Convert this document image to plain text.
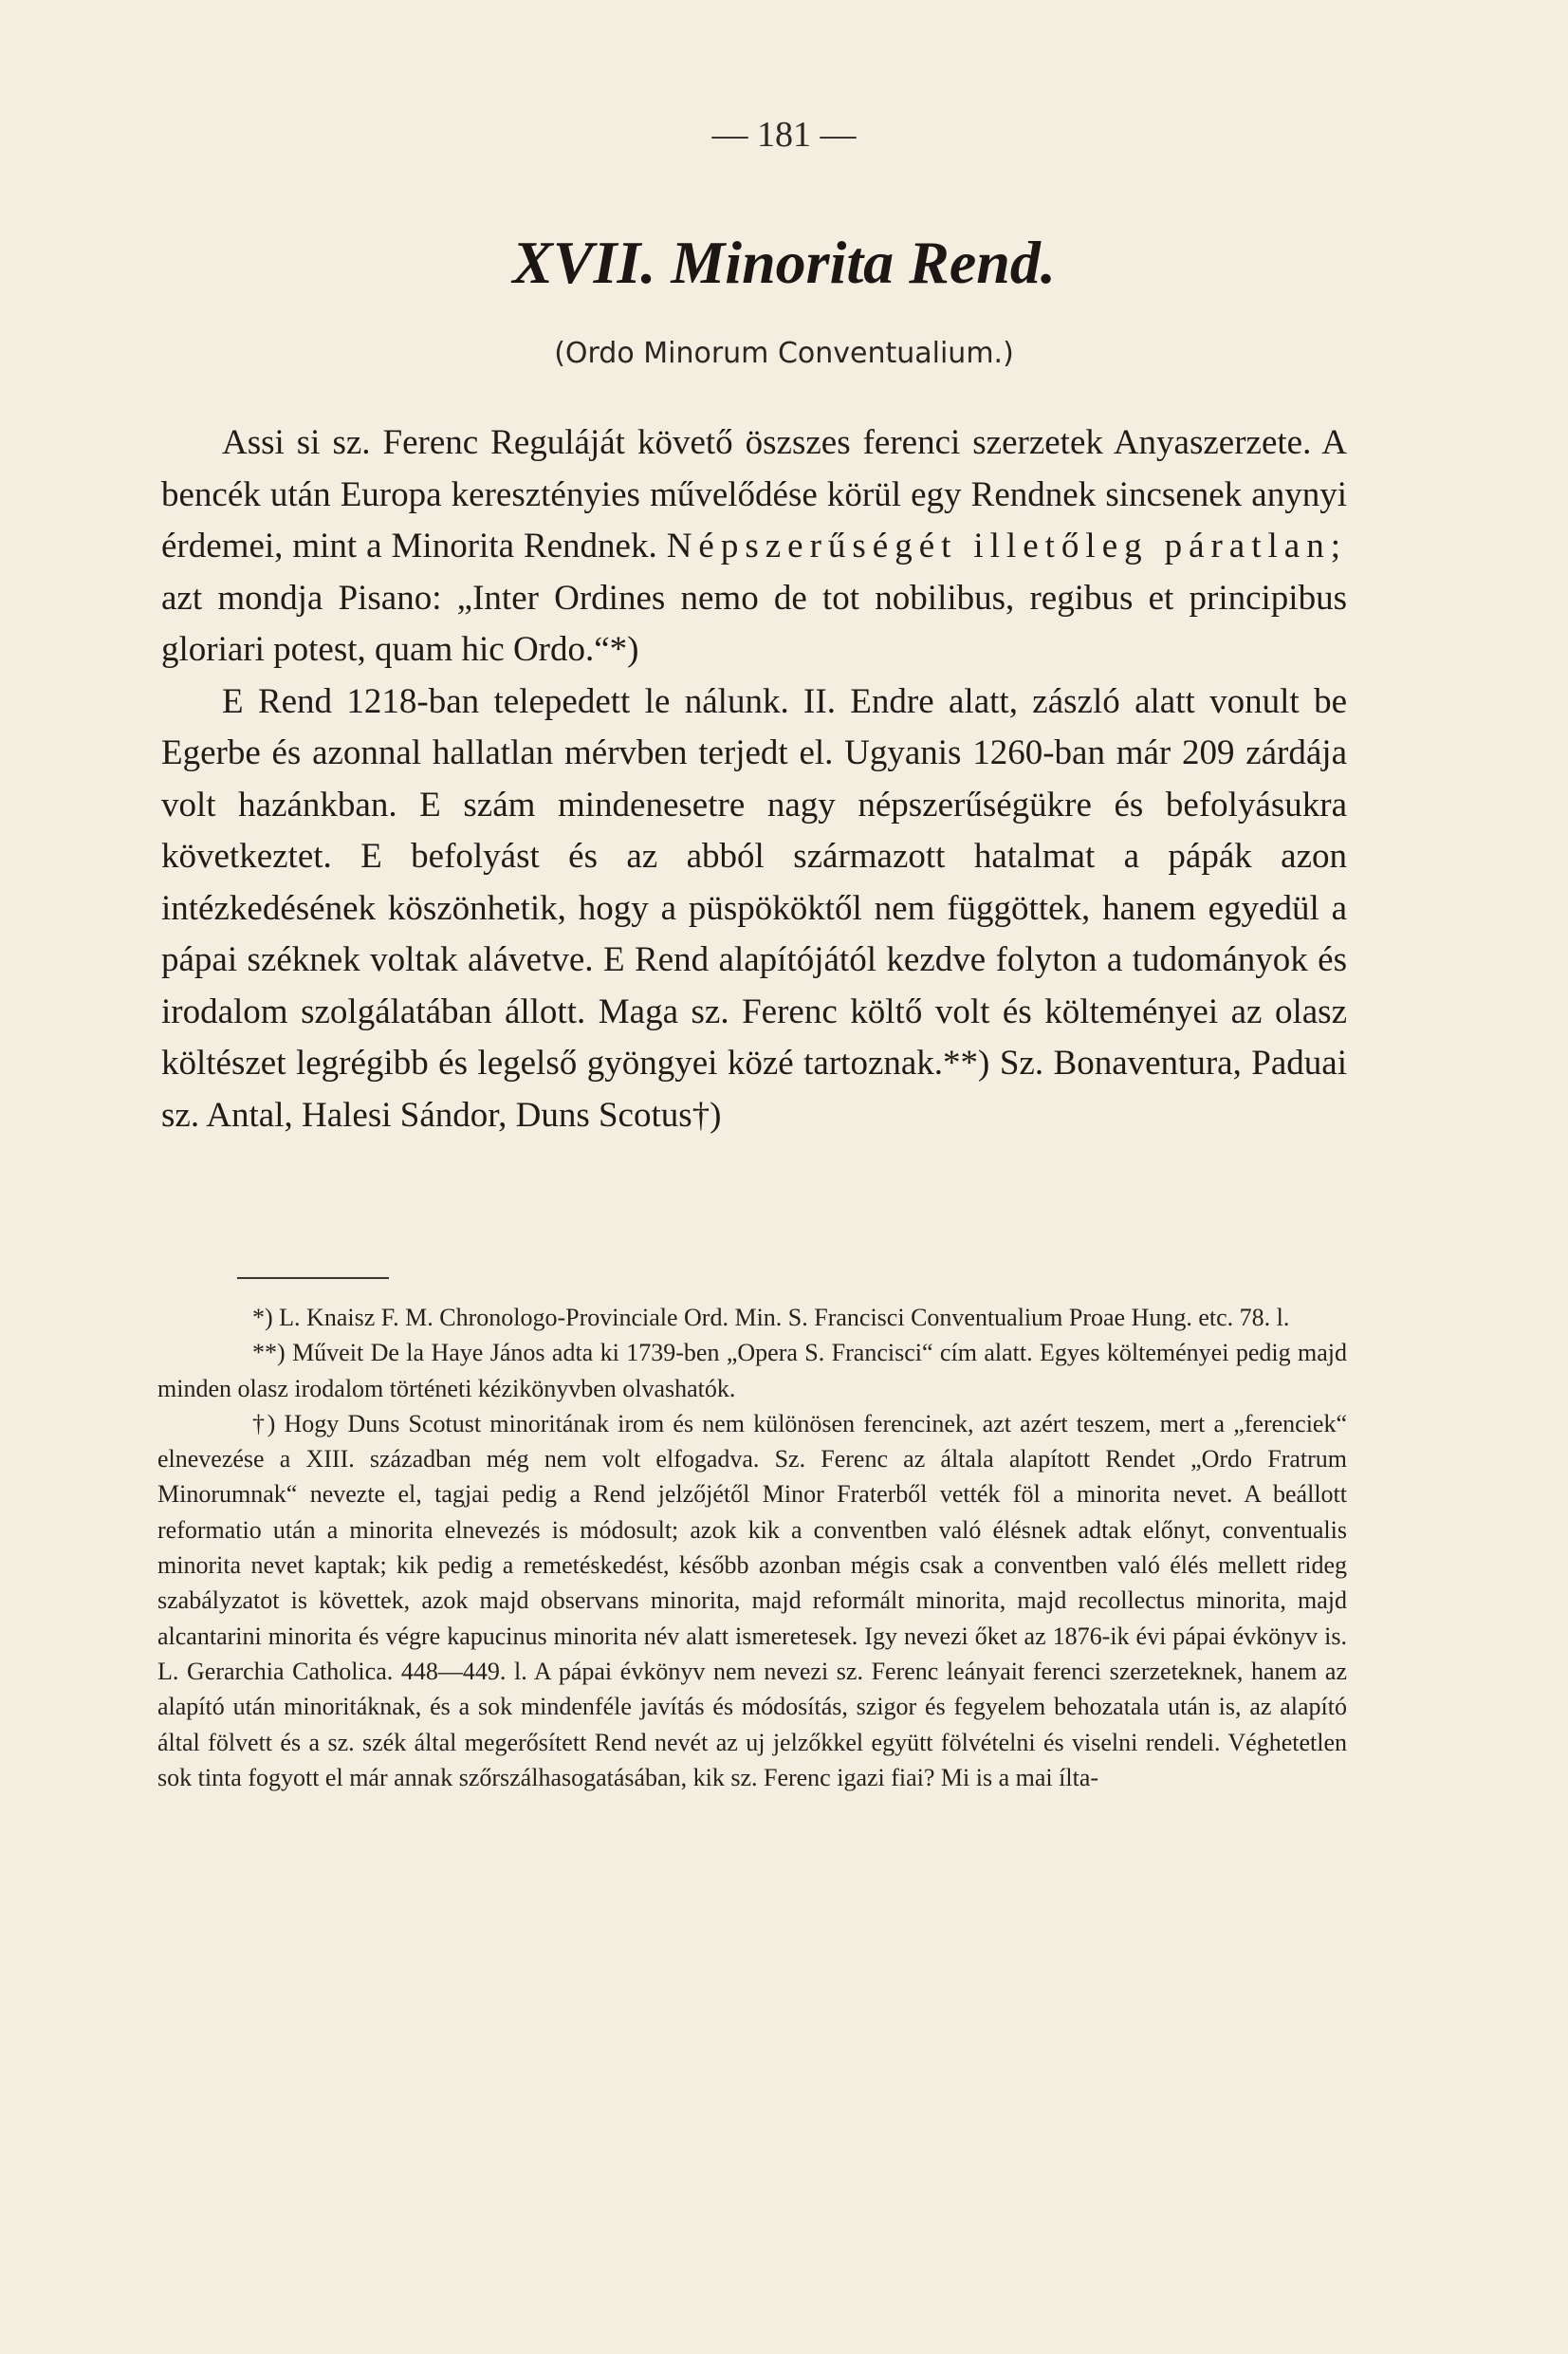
— 181 —
XVII. Minorita Rend.
(Ordo Minorum Conventualium.)

Assi si sz. Ferenc Reguláját követő öszszes ferenci szerzetek Anyaszerzete. A bencék után Europa keresztényies művelődése körül egy Rendnek sincsenek anynyi érdemei, mint a Minorita Rendnek. Népszerűségét illetőleg páratlan; azt mondja Pisano: „Inter Ordines nemo de tot nobilibus, regibus et principibus gloriari potest, quam hic Ordo.“*)

E Rend 1218-ban telepedett le nálunk. II. Endre alatt, zászló alatt vonult be Egerbe és azonnal hallatlan mérvben terjedt el. Ugyanis 1260-ban már 209 zárdája volt hazánkban. E szám mindenesetre nagy népszerűségükre és befolyásukra következtet. E befolyást és az abból származott hatalmat a pápák azon intézkedésének köszönhetik, hogy a püspököktől nem függöttek, hanem egyedül a pápai széknek voltak alávetve. E Rend alapítójától kezdve folyton a tudományok és irodalom szolgálatában állott. Maga sz. Ferenc költő volt és költeményei az olasz költészet legrégibb és legelső gyöngyei közé tartoznak.**) Sz. Bonaventura, Paduai sz. Antal, Halesi Sándor, Duns Scotus†)

*) L. Knaisz F. M. Chronologo-Provinciale Ord. Min. S. Francisci Conventualium Proae Hung. etc. 78. l.

**) Műveit De la Haye János adta ki 1739-ben „Opera S. Francisci“ cím alatt. Egyes költeményei pedig majd minden olasz irodalom történeti kézikönyvben olvashatók.

†) Hogy Duns Scotust minoritának irom és nem különösen ferencinek, azt azért teszem, mert a „ferenciek“ elnevezése a XIII. században még nem volt elfogadva. Sz. Ferenc az általa alapított Rendet „Ordo Fratrum Minorumnak“ nevezte el, tagjai pedig a Rend jelzőjétől Minor Fraterből vették föl a minorita nevet. A beállott reformatio után a minorita elnevezés is módosult; azok kik a conventben való élésnek adtak előnyt, conventualis minorita nevet kaptak; kik pedig a remetéskedést, később azonban mégis csak a conventben való élés mellett rideg szabályzatot is követtek, azok majd observans minorita, majd reformált minorita, majd recollectus minorita, majd alcantarini minorita és végre kapucinus minorita név alatt ismeretesek. Igy nevezi őket az 1876-ik évi pápai évkönyv is. L. Gerarchia Catholica. 448—449. l. A pápai évkönyv nem nevezi sz. Ferenc leányait ferenci szerzeteknek, hanem az alapító után minoritáknak, és a sok mindenféle javítás és módosítás, szigor és fegyelem behozatala után is, az alapító által fölvett és a sz. szék által megerősített Rend nevét az uj jelzőkkel együtt fölvételni és viselni rendeli. Véghetetlen sok tinta fogyott el már annak szőrszálhasogatásában, kik sz. Ferenc igazi fiai? Mi is a mai ílta-
